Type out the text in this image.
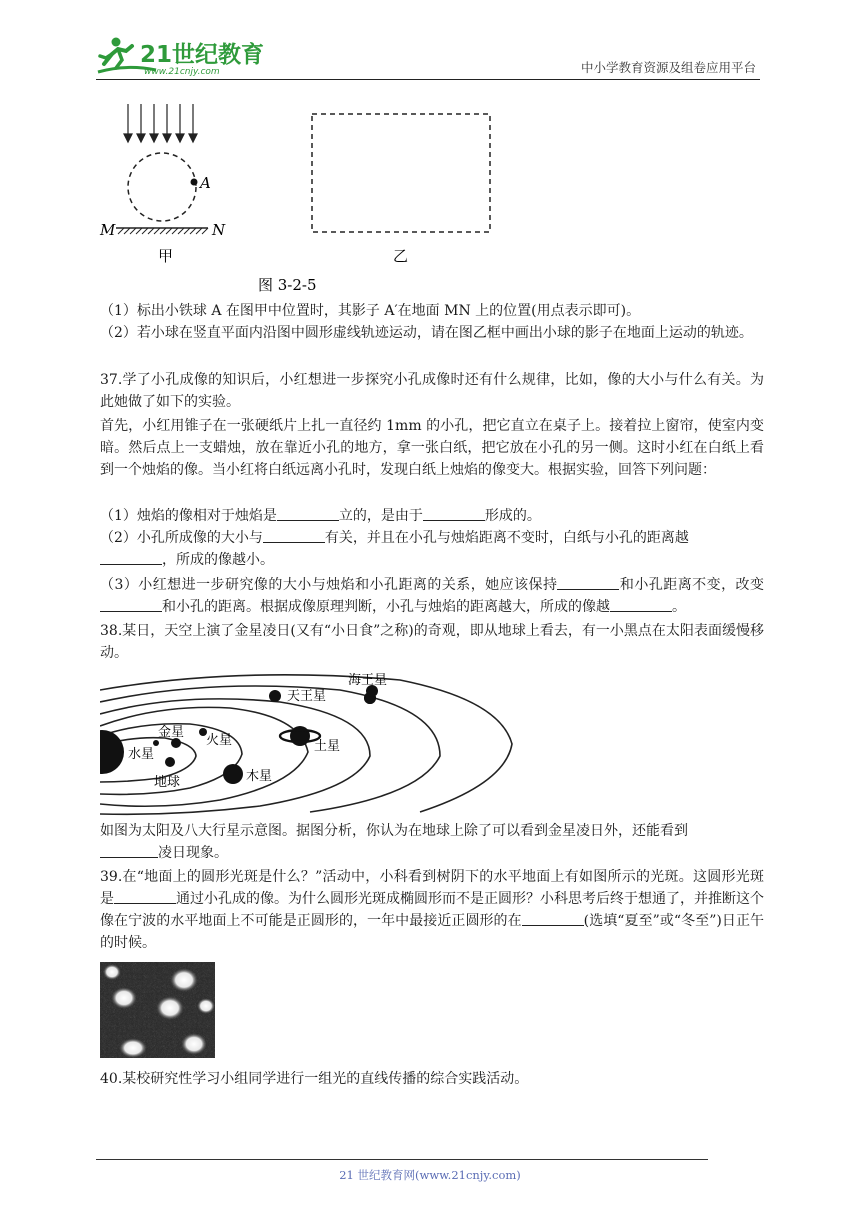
21世纪教育
www.21cnjy.com	中小学教育资源及组卷应用平台
A
M	N
甲	乙
图 3-2-5

（1）标出小铁球 A 在图甲中位置时，其影子 A′在地面 MN 上的位置(用点表示即可)。

（2）若小球在竖直平面内沿图中圆形虚线轨迹运动，请在图乙框中画出小球的影子在地面上运动的轨迹。

37.学了小孔成像的知识后，小红想进一步探究小孔成像时还有什么规律，比如，像的大小与什么有关。为此她做了如下的实验。

首先，小红用锥子在一张硬纸片上扎一直径约 1mm 的小孔，把它直立在桌子上。接着拉上窗帘，使室内变暗。然后点上一支蜡烛，放在靠近小孔的地方，拿一张白纸，把它放在小孔的另一侧。这时小红在白纸上看到一个烛焰的像。当小红将白纸远离小孔时，发现白纸上烛焰的像变大。根据实验，回答下列问题：

（1）烛焰的像相对于烛焰是	立的，是由于	形成的。

（2）小孔所成像的大小与	有关，并且在小孔与烛焰距离不变时，白纸与小孔的距离越
，所成的像越小。

（3）小红想进一步研究像的大小与烛焰和小孔距离的关系，她应该保持	和小孔距离不变，改变和小孔的距离。根据成像原理判断，小孔与烛焰的距离越大，所成的像越	。

38.某日，天空上演了金星凌日(又有“小日食”之称)的奇观，即从地球上看去，有一小黑点在太阳表面缓慢移动。

海王星
天王星
金星
火星
水星
土星
地球	木星

如图为太阳及八大行星示意图。据图分析，你认为在地球上除了可以看到金星凌日外，还能看到
凌日现象。

39.在“地面上的圆形光斑是什么？”活动中，小科看到树阴下的水平地面上有如图所示的光斑。这圆形光斑是	通过小孔成的像。为什么圆形光斑成椭圆形而不是正圆形？小科思考后终于想通了，并推断这个像在宁波的水平地面上不可能是正圆形的，一年中最接近正圆形的在	(选填“夏至”或“冬至”)日正午的时候。

40.某校研究性学习小组同学进行一组光的直线传播的综合实践活动。

21 世纪教育网(www.21cnjy.com)
